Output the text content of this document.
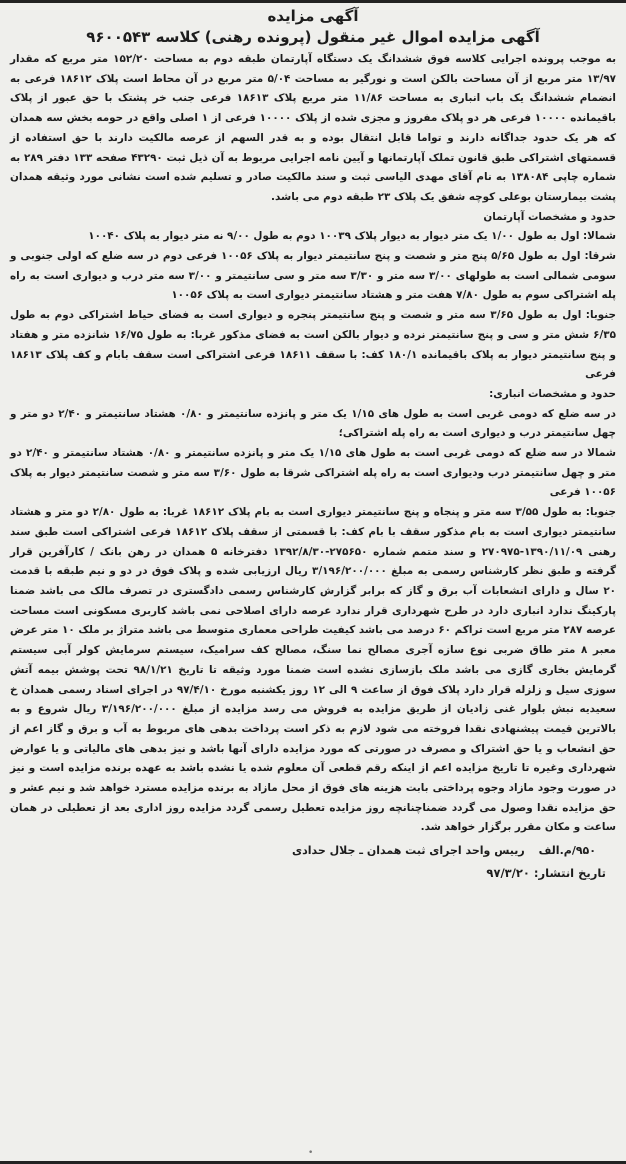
آگهی مزایده
آگهی مزایده اموال غیر منقول (پرونده رهنی) کلاسه ۹۶۰۰۵۴۳

به موجب پرونده اجرایی کلاسه فوق ششدانگ یک دستگاه آپارتمان طبقه دوم به مساحت ۱۵۲/۲۰ متر مربع که مقدار ۱۳/۹۷ متر مربع از آن مساحت بالکن است و نورگیر به مساحت ۵/۰۴ متر مربع در آن محاط است پلاک ۱۸۶۱۲ فرعی به انضمام ششدانگ یک باب انباری به مساحت ۱۱/۸۶ متر مربع پلاک ۱۸۶۱۳ فرعی جنب خر پشتک با حق عبور از پلاک باقیمانده ۱۰۰۰۰ فرعی هر دو پلاک مفروز و مجزی شده از پلاک ۱۰۰۰۰ فرعی از ۱ اصلی واقع در حومه بخش سه همدان که هر یک حدود جداگانه دارند و تواما قابل انتقال بوده و به قدر السهم از عرصه مالکیت دارند با حق استفاده از قسمتهای اشتراکی طبق قانون تملک آپارتمانها و آیین نامه اجرایی مربوط به آن ذیل ثبت ۴۳۲۹۰ صفحه ۱۳۳ دفتر ۲۸۹ به شماره چاپی ۱۳۸۰۸۴ به نام آقای مهدی الیاسی ثبت و سند مالکیت صادر و تسلیم شده است نشانی مورد وثیقه همدان پشت بیمارستان بوعلی کوچه شفق یک پلاک ۲۳ طبقه دوم می باشد.

حدود و مشخصات آپارتمان

شمالا: اول به طول ۱/۰۰ یک متر دیوار به دیوار پلاک ۱۰۰۳۹ دوم به طول ۹/۰۰ نه متر دیوار به پلاک ۱۰۰۴۰

شرقا: اول به طول ۵/۶۵ پنج متر و شصت و پنج سانتیمتر دیوار به پلاک ۱۰۰۵۶ فرعی دوم در سه ضلع که اولی جنوبی و سومی شمالی است به طولهای ۳/۰۰ سه متر و ۳/۳۰ سه متر و سی سانتیمتر و ۳/۰۰ سه متر درب و دیواری است به راه پله اشتراکی سوم به طول ۷/۸۰ هفت متر و هشتاد سانتیمتر دیواری است به پلاک ۱۰۰۵۶

جنوبا: اول به طول ۳/۶۵ سه متر و شصت و پنج سانتیمتر پنجره و دیواری است به فضای حیاط اشتراکی دوم به طول ۶/۳۵ شش متر و سی و پنج سانتیمتر نرده و دیوار بالکن است به فضای مذکور غربا: به طول ۱۶/۷۵ شانزده متر و هفتاد و پنج سانتیمتر دیوار به پلاک باقیمانده ۱۸۰/۱ کف: با سقف ۱۸۶۱۱ فرعی اشتراکی است سقف بابام و کف پلاک ۱۸۶۱۳ فرعی

حدود و مشخصات انباری:

در سه ضلع که دومی غربی است به طول های ۱/۱۵ یک متر و پانزده سانتیمتر و ۰/۸۰ هشتاد سانتیمتر و ۲/۴۰ دو متر و چهل سانتیمتر درب و دیواری است به راه پله اشتراکی؛

شمالا در سه ضلع که دومی غربی است به طول های ۱/۱۵ یک متر و پانزده سانتیمتر و ۰/۸۰ هشتاد سانتیمتر و ۲/۴۰ دو متر و چهل سانتیمتر درب ودیواری است به راه پله اشتراکی شرقا به طول ۳/۶۰ سه متر و شصت سانتیمتر دیوار به پلاک ۱۰۰۵۶ فرعی

جنوبا: به طول ۳/۵۵ سه متر و پنجاه و پنج سانتیمتر دیواری است به بام پلاک ۱۸۶۱۲ غربا: به طول ۲/۸۰ دو متر و هشتاد سانتیمتر دیواری است به بام مذکور سقف با بام کف: با قسمتی از سقف پلاک ۱۸۶۱۲ فرعی اشتراکی است طبق سند رهنی ۱۳۹۰/۱۱/۰۹-۲۷۰۹۷۵ و سند متمم شماره ۲۷۵۶۵۰-۱۳۹۲/۸/۳۰ دفترخانه ۵ همدان در رهن بانک / کارآفرین قرار گرفته و طبق نظر کارشناس رسمی به مبلغ ۳/۱۹۶/۲۰۰/۰۰۰ ریال ارزیابی شده و پلاک فوق در دو و نیم طبقه با قدمت ۲۰ سال و دارای انشعابات آب برق و گاز که برابر گزارش کارشناس رسمی دادگستری در تصرف مالک می باشد ضمنا پارکینگ ندارد انباری دارد در طرح شهرداری قرار ندارد عرصه دارای اصلاحی نمی باشد کاربری مسکونی است مساحت عرصه ۲۸۷ متر مربع است تراکم ۶۰ درصد می باشد کیفیت طراحی معماری متوسط می باشد متراژ بر ملک ۱۰ متر عرض معبر ۸ متر طاق ضربی نوع سازه آجری مصالح نما سنگ، مصالح کف سرامیک، سیستم سرمایش کولر آبی سیستم گرمایش بخاری گازی می باشد ملک بازسازی نشده است ضمنا مورد وثیقه تا تاریخ ۹۸/۱/۲۱ تحت پوشش بیمه آتش سوزی سیل و زلزله قرار دارد پلاک فوق از ساعت ۹ الی ۱۲ روز یکشنبه مورخ ۹۷/۴/۱۰ در اجرای اسناد رسمی همدان خ سعیدیه نبش بلوار غنی زادیان از طریق مزایده به فروش می رسد مزایده از مبلغ ۳/۱۹۶/۲۰۰/۰۰۰ ریال شروع و به بالاترین قیمت پیشنهادی نقدا فروخته می شود لازم به ذکر است پرداخت بدهی های مربوط به آب و برق و گاز اعم از حق انشعاب و یا حق اشتراک و مصرف در صورتی که مورد مزایده دارای آنها باشد و نیز بدهی های مالیاتی و یا عوارض شهرداری وغیره تا تاریخ مزایده اعم از اینکه رقم قطعی آن معلوم شده یا نشده باشد به عهده برنده مزایده است و نیز در صورت وجود مازاد وجوه پرداختی بابت هزینه های فوق از محل مازاد به برنده مزایده مسترد خواهد شد و نیم عشر و حق مزایده نقدا وصول می گردد ضمناچنانچه روز مزایده تعطیل رسمی گردد مزایده روز اداری بعد از تعطیلی در همان ساعت و مکان مقرر برگزار خواهد شد.

۹۵۰/م.الف رییس واحد اجرای ثبت همدان ـ جلال حدادی
تاریخ انتشار: ۹۷/۳/۲۰
•
